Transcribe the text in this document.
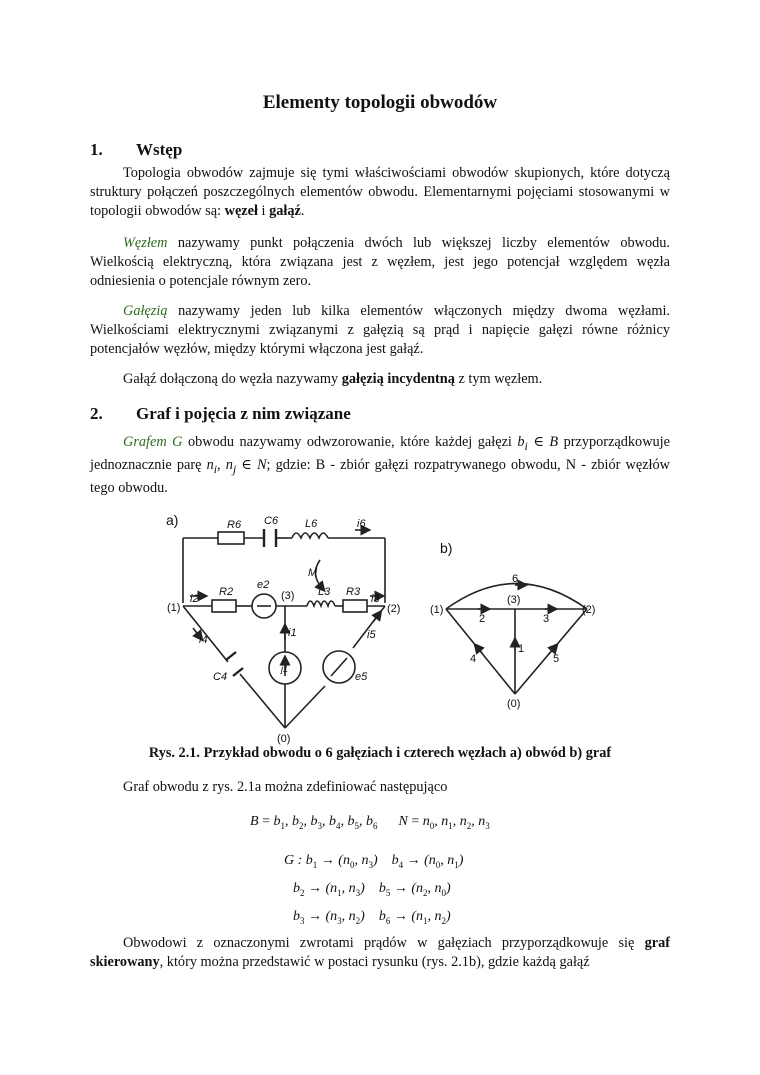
Elementy topologii obwodów
1. Wstęp
Topologia obwodów zajmuje się tymi właściwościami obwodów skupionych, które dotyczą struktury połączeń poszczególnych elementów obwodu. Elementarnymi pojęciami stosowanymi w topologii obwodów są: węzeł i gałąź.
Węzłem nazywamy punkt połączenia dwóch lub większej liczby elementów obwodu. Wielkością elektryczną, która związana jest z węzłem, jest jego potencjał względem węzła odniesienia o potencjale równym zero.
Gałęzią nazywamy jeden lub kilka elementów włączonych między dwoma węzłami. Wielkościami elektrycznymi związanymi z gałęzią są prąd i napięcie gałęzi równe różnicy potencjałów węzłów, między którymi włączona jest gałąź.
Gałąź dołączoną do węzła nazywamy gałęzią incydentną z tym węzłem.
2. Graf i pojęcia z nim związane
Grafem G obwodu nazywamy odwzorowanie, które każdej gałęzi $b_i$ ∈ B przyporządkowuje jednoznacznie parę $n_i$, $n_j$ ∈ N; gdzie: B - zbiór gałęzi rozpatrywanego obwodu, N - zbiór węzłów tego obwodu.
a)
(1)	(2)
(3)
(0)
R6 C6 L6	i6
R2
i2
e2
R3
i3
L3
M
C4
i4
i1
j1
e5
i5
b)
(1)	(2)
(3)
(0)
1
2	3
4	5
6
Rys. 2.1. Przykład obwodu o 6 gałęziach i czterech węzłach a) obwód b) graf
Graf obwodu z rys. 2.1a można zdefiniować następująco
$B = b_1$, $b_2$, $b_3$, $b_4$, $b_5$, $b_6$ $N = n_0$, $n_1$, $n_2$, $n_3$
G : $b_1 \to (n_0$, $n_3$) $b_4 \to (n_0$, $n_1$)
$b_2 \to (n_1$, $n_3$) $b_5 \to (n_2$, $n_0$)
$b_3 \to (n_3$, $n_2$) $b_6 \to (n_1$, $n_2$)
Obwodowi z oznaczonymi zwrotami prądów w gałęziach przyporządkowuje się graf skierowany, który można przedstawić w postaci rysunku (rys. 2.1b), gdzie każdą gałąź
